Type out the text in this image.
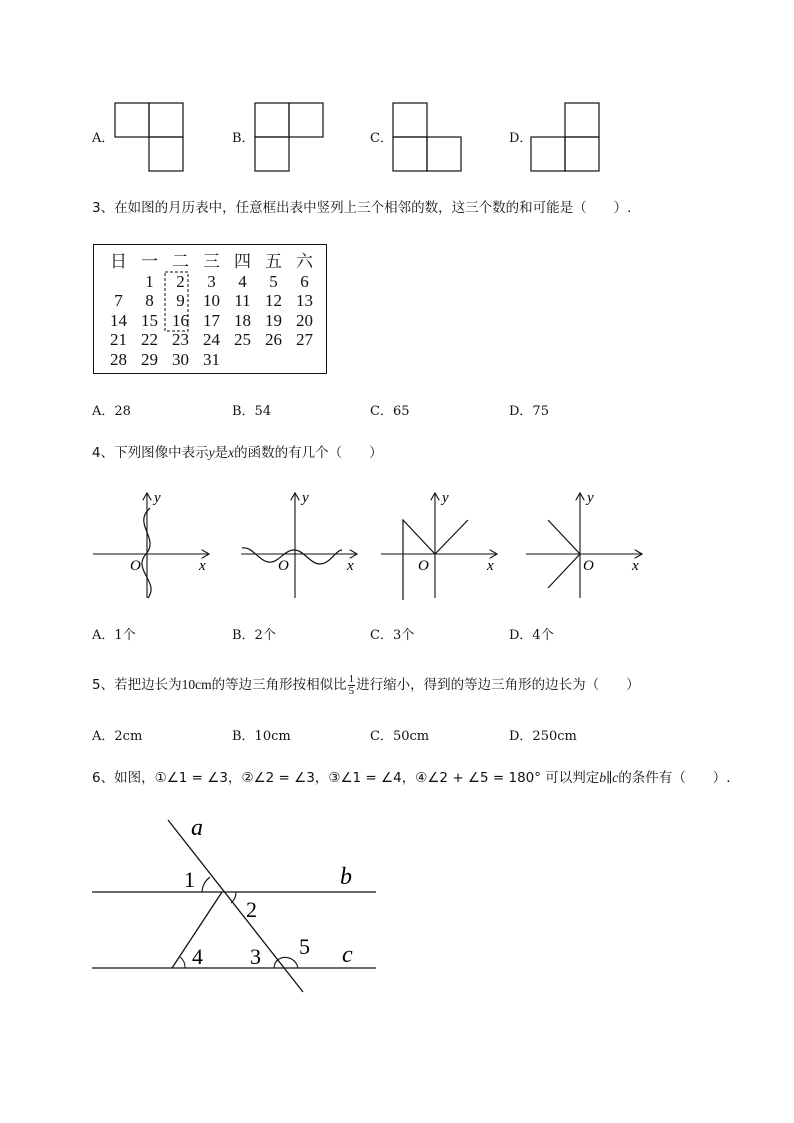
A．	B．	C．	D．
3、在如图的月历表中，任意框出表中竖列上三个相邻的数，这三个数的和可能是（　　）.
日	一	二	三	四	五	六
	1	2	3	4	5	6
7	8	9	10	11	12	13
14	15	16	17	18	19	20
21	22	23	24	25	26	27
28	29	30	31			
A．28	B．54	C．65	D．75
4、下列图像中表示y是x的函数的有几个（　　）
y
x
O
y
x
O
y
x
O
y
x
O
A．1个	B．2个	C．3个	D．4个
5、若把边长为10cm的等边三角形按相似比 $\frac{1}{5}$ 进行缩小，得到的等边三角形的边长为（　　）
A．2cm	B．10cm	C．50cm	D．250cm
6、如图，①∠1 = ∠3，②∠2 = ∠3，③∠1 = ∠4，④∠2 + ∠5 = 180° 可以判定b∥c的条件有（　　）.
a
b
c
1
2
3
4	5
